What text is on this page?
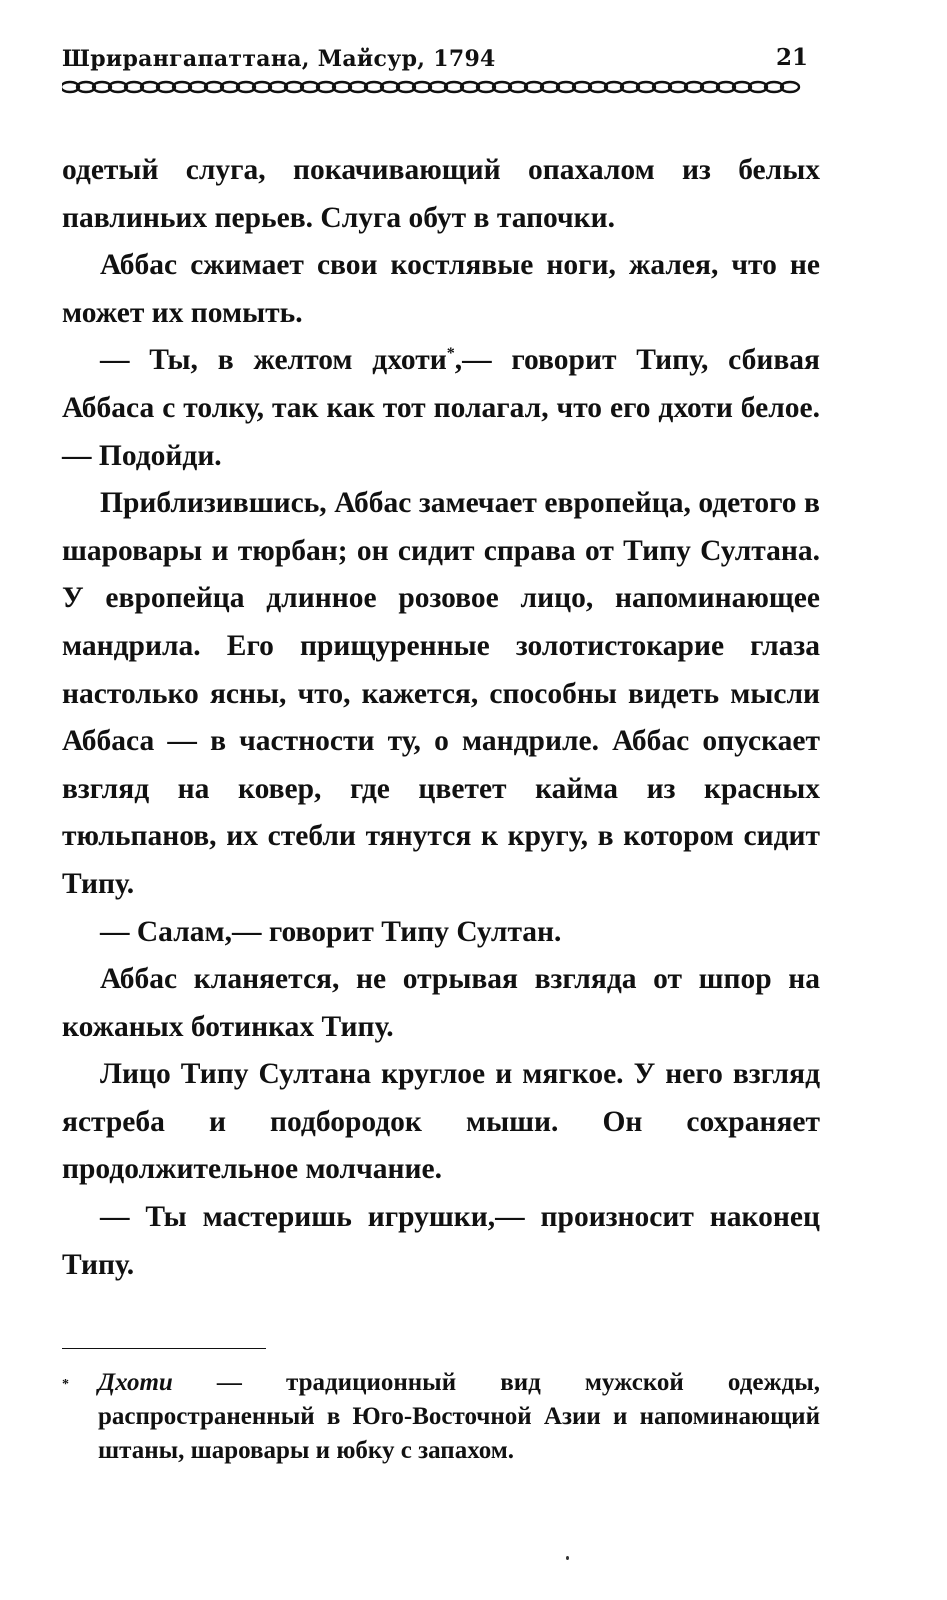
Шрирангапаттана, Майсур, 1794	21

одетый слуга, покачивающий опахалом из белых павлиньих перьев. Слуга обут в тапочки.

Аббас сжимает свои костлявые ноги, жалея, что не может их помыть.

— Ты, в желтом дхоти*,— говорит Типу, сбивая Аббаса с толку, так как тот полагал, что его дхоти белое. — Подойди.

Приблизившись, Аббас замечает европейца, одетого в шаровары и тюрбан; он сидит справа от Типу Султана. У европейца длинное розовое лицо, напоминающее мандрила. Его прищуренные золотистокарие глаза настолько ясны, что, кажется, способны видеть мысли Аббаса — в частности ту, о мандриле. Аббас опускает взгляд на ковер, где цветет кайма из красных тюльпанов, их стебли тянутся к кругу, в котором сидит Типу.

— Салам,— говорит Типу Султан.

Аббас кланяется, не отрывая взгляда от шпор на кожаных ботинках Типу.

Лицо Типу Султана круглое и мягкое. У него взгляд ястреба и подбородок мыши. Он сохраняет продолжительное молчание.

— Ты мастеришь игрушки,— произносит наконец Типу.

*	Дхоти — традиционный вид мужской одежды, распространенный в Юго-Восточной Азии и напоминающий штаны, шаровары и юбку с запахом.
